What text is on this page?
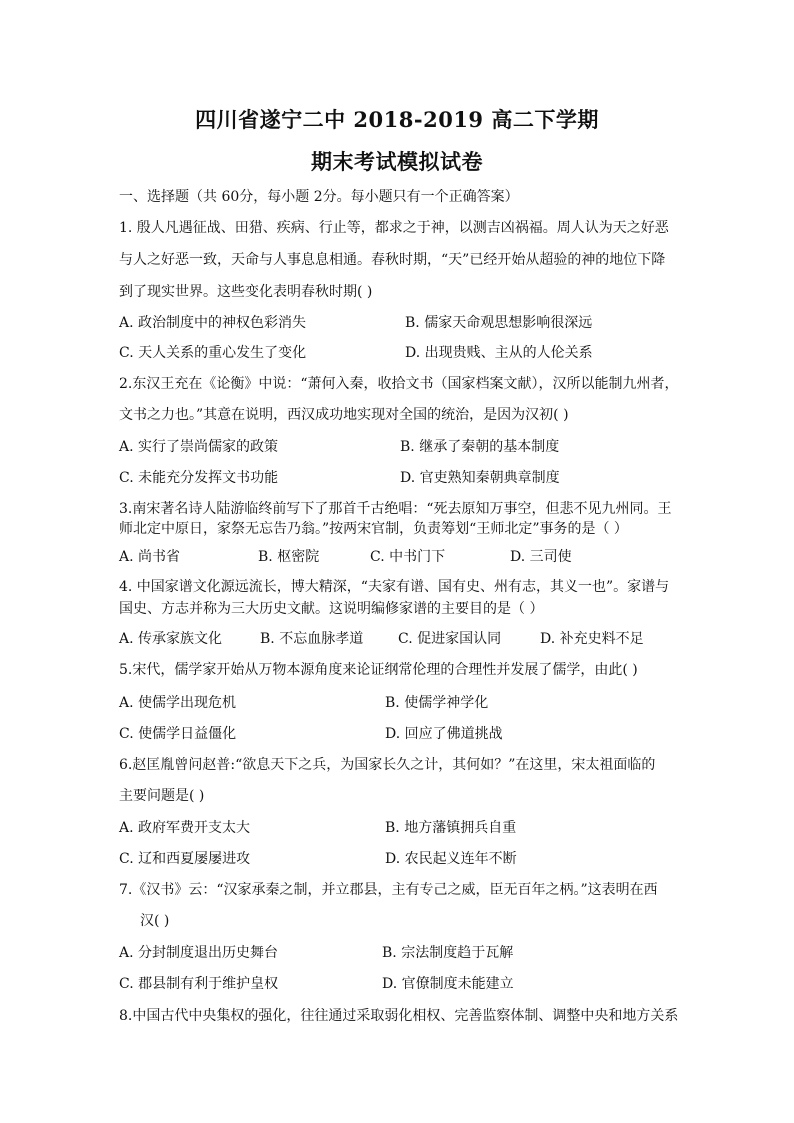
四川省遂宁二中 2018-2019 高二下学期
期末考试模拟试卷
一、选择题（共 60分，每小题 2分。每小题只有一个正确答案）
1. 殷人凡遇征战、田猎、疾病、行止等，都求之于神，以测吉凶祸福。周人认为天之好恶
与人之好恶一致，天命与人事息息相通。春秋时期，“天”已经开始从超验的神的地位下降
到了现实世界。这些变化表明春秋时期( )
A. 政治制度中的神权色彩消失	B. 儒家天命观思想影响很深远
C. 天人关系的重心发生了变化	D. 出现贵贱、主从的人伦关系
2.东汉王充在《论衡》中说：“萧何入秦，收拾文书（国家档案文献），汉所以能制九州者，
文书之力也。”其意在说明，西汉成功地实现对全国的统治，是因为汉初( )
A. 实行了崇尚儒家的政策	B. 继承了秦朝的基本制度
C. 未能充分发挥文书功能	D. 官吏熟知秦朝典章制度
3.南宋著名诗人陆游临终前写下了那首千古绝唱：“死去原知万事空，但悲不见九州同。王
师北定中原日，家祭无忘告乃翁。”按两宋官制，负责筹划“王师北定”事务的是（ ）
A. 尚书省	B. 枢密院	C. 中书门下	D. 三司使
4. 中国家谱文化源远流长，博大精深，“夫家有谱、国有史、州有志，其义一也”。家谱与
国史、方志并称为三大历史文献。这说明编修家谱的主要目的是（ ）
A. 传承家族文化	B. 不忘血脉孝道 C. 促进家国认同	D. 补充史料不足
5.宋代，儒学家开始从万物本源角度来论证纲常伦理的合理性并发展了儒学，由此( )
A. 使儒学出现危机	B. 使儒学神学化
C. 使儒学日益僵化	D. 回应了佛道挑战
6.赵匡胤曾问赵普:“欲息天下之兵，为国家长久之计，其何如？”在这里，宋太祖面临的
主要问题是( )
A. 政府军费开支太大	B. 地方藩镇拥兵自重
C. 辽和西夏屡屡进攻	D. 农民起义连年不断
7.《汉书》云：“汉家承秦之制，并立郡县，主有专己之威，臣无百年之柄。”这表明在西
汉( )
A. 分封制度退出历史舞台	B. 宗法制度趋于瓦解
C. 郡县制有利于维护皇权	D. 官僚制度未能建立
8.中国古代中央集权的强化，往往通过采取弱化相权、完善监察体制、调整中央和地方关系
